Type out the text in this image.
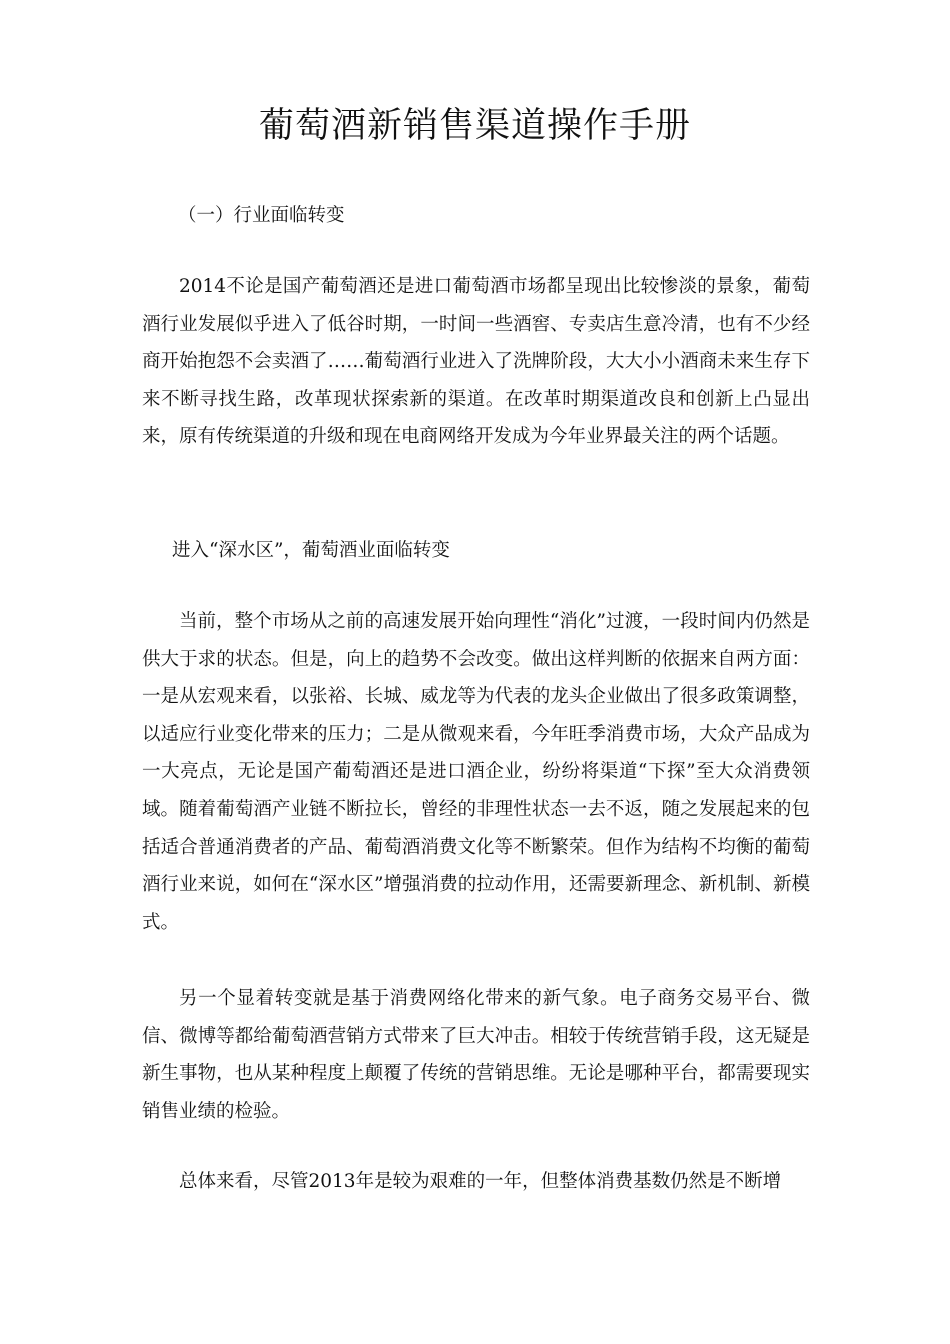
葡萄酒新销售渠道操作手册

（一）行业面临转变

2014不论是国产葡萄酒还是进口葡萄酒市场都呈现出比较惨淡的景象，葡萄酒行业发展似乎进入了低谷时期，一时间一些酒窖、专卖店生意冷清，也有不少经商开始抱怨不会卖酒了……葡萄酒行业进入了洗牌阶段，大大小小酒商未来生存下来不断寻找生路，改革现状探索新的渠道。在改革时期渠道改良和创新上凸显出来，原有传统渠道的升级和现在电商网络开发成为今年业界最关注的两个话题。

进入“深水区”，葡萄酒业面临转变

当前，整个市场从之前的高速发展开始向理性“消化”过渡，一段时间内仍然是供大于求的状态。但是，向上的趋势不会改变。做出这样判断的依据来自两方面：一是从宏观来看，以张裕、长城、威龙等为代表的龙头企业做出了很多政策调整，以适应行业变化带来的压力；二是从微观来看，今年旺季消费市场，大众产品成为一大亮点，无论是国产葡萄酒还是进口酒企业，纷纷将渠道“下探”至大众消费领域。随着葡萄酒产业链不断拉长，曾经的非理性状态一去不返，随之发展起来的包括适合普通消费者的产品、葡萄酒消费文化等不断繁荣。但作为结构不均衡的葡萄酒行业来说，如何在“深水区”增强消费的拉动作用，还需要新理念、新机制、新模式。

另一个显着转变就是基于消费网络化带来的新气象。电子商务交易平台、微信、微博等都给葡萄酒营销方式带来了巨大冲击。相较于传统营销手段，这无疑是新生事物，也从某种程度上颠覆了传统的营销思维。无论是哪种平台，都需要现实销售业绩的检验。

总体来看，尽管2013年是较为艰难的一年，但整体消费基数仍然是不断增
